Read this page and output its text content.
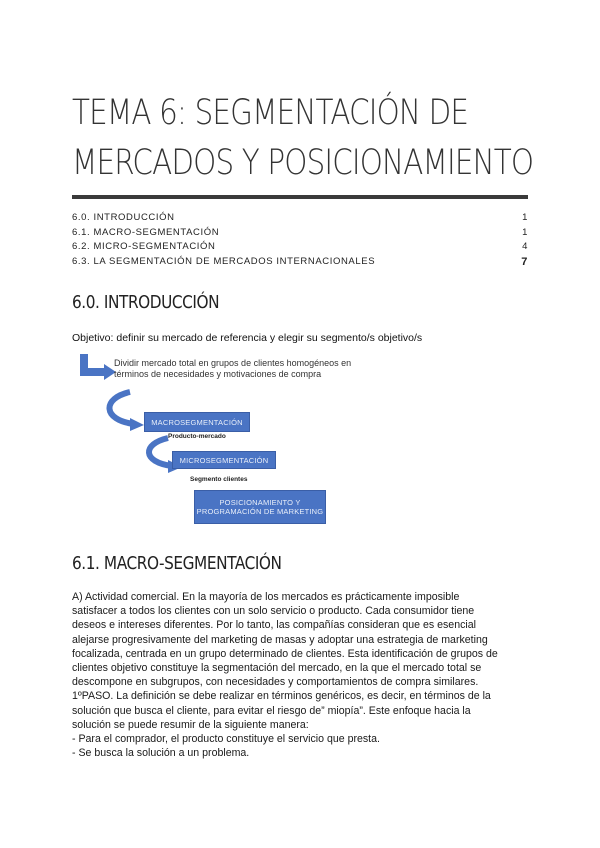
TEMA 6: SEGMENTACIÓN DE
MERCADOS Y POSICIONAMIENTO
6.0. INTRODUCCIÓN	1
6.1. MACRO-SEGMENTACIÓN	1
6.2. MICRO-SEGMENTACIÓN	4
6.3. LA SEGMENTACIÓN DE MERCADOS INTERNACIONALES	7
6.0. INTRODUCCIÓN
Objetivo: definir su mercado de referencia y elegir su segmento/s objetivo/s
Dividir mercado total en grupos de clientes homogéneos en
términos de necesidades y motivaciones de compra
MACROSEGMENTACIÓN
Producto-mercado
MICROSEGMENTACIÓN
Segmento clientes
POSICIONAMIENTO Y
PROGRAMACIÓN DE MARKETING
6.1. MACRO-SEGMENTACIÓN
A) Actividad comercial. En la mayoría de los mercados es prácticamente imposible
satisfacer a todos los clientes con un solo servicio o producto. Cada consumidor tiene
deseos e intereses diferentes. Por lo tanto, las compañías consideran que es esencial
alejarse progresivamente del marketing de masas y adoptar una estrategia de marketing
focalizada, centrada en un grupo determinado de clientes. Esta identificación de grupos de
clientes objetivo constituye la segmentación del mercado, en la que el mercado total se
descompone en subgrupos, con necesidades y comportamientos de compra similares.
1ºPASO. La definición se debe realizar en términos genéricos, es decir, en términos de la
solución que busca el cliente, para evitar el riesgo de” miopía”. Este enfoque hacia la
solución se puede resumir de la siguiente manera:
- Para el comprador, el producto constituye el servicio que presta.
- Se busca la solución a un problema.
